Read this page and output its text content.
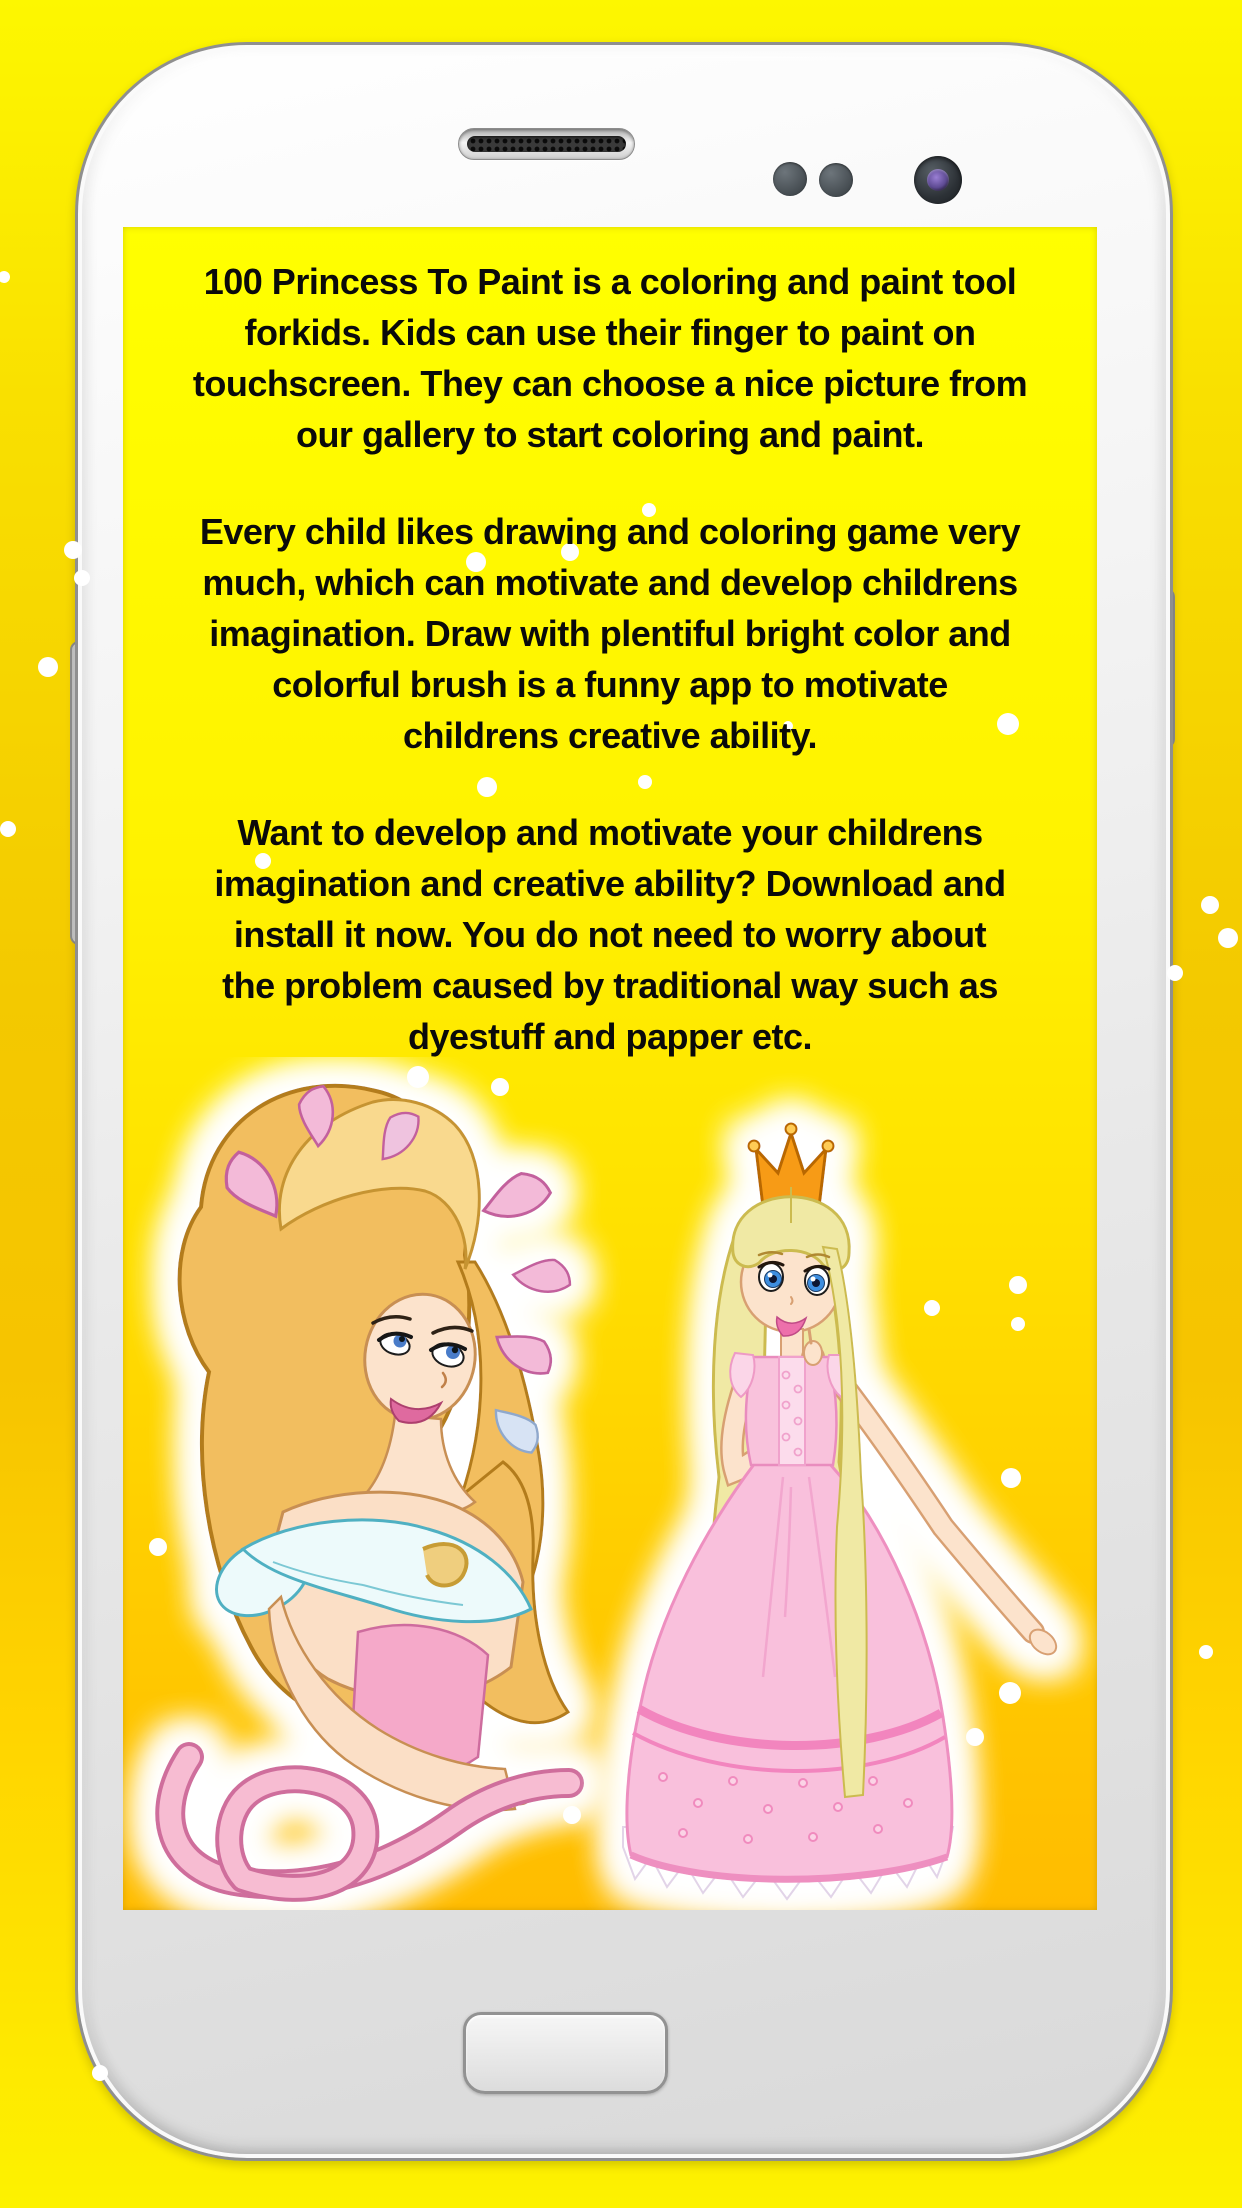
100 Princess To Paint is a coloring and paint tool
forkids. Kids can use their finger to paint on
touchscreen. They can choose a nice picture from
our gallery to start coloring and paint.
Every child likes drawing and coloring game very
much, which can motivate and develop childrens
imagination. Draw with plentiful bright color and
colorful brush is a funny app to motivate
childrens creative ability.
Want to develop and motivate your childrens
imagination and creative ability? Download and
install it now. You do not need to worry about
the problem caused by traditional way such as
dyestuff and papper etc.
